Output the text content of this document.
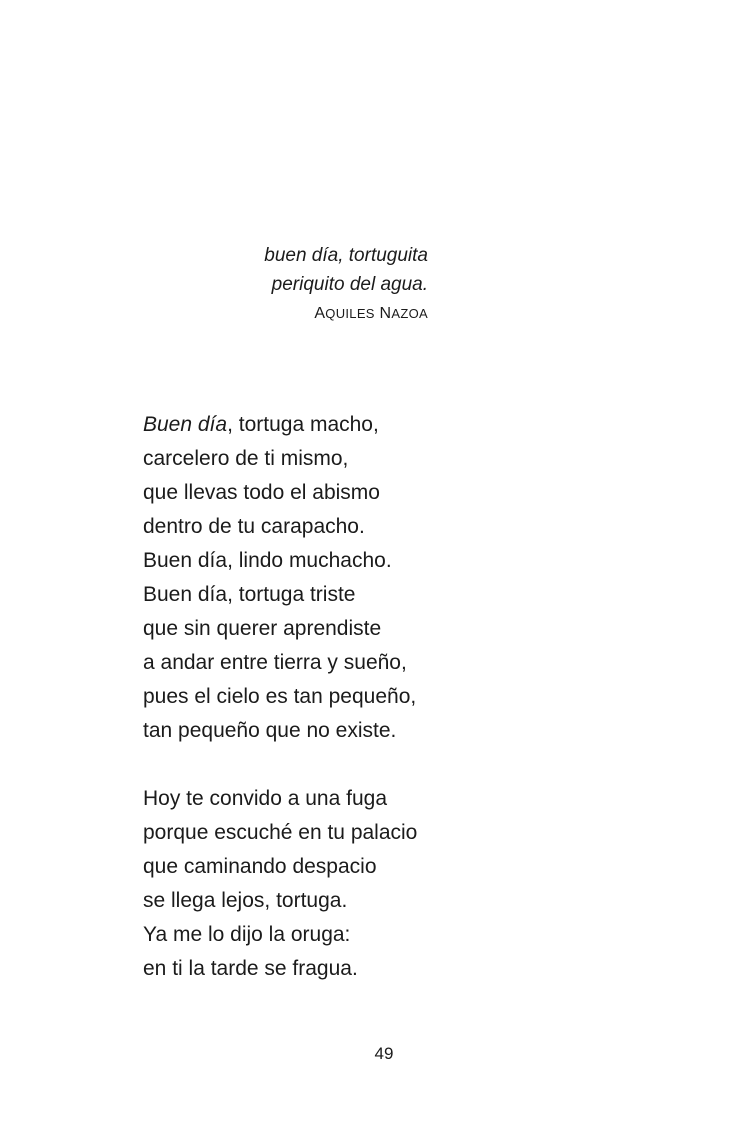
buen día, tortuguita
periquito del agua.
AQUILES NAZOA
Buen día, tortuga macho,
carcelero de ti mismo,
que llevas todo el abismo
dentro de tu carapacho.
Buen día, lindo muchacho.
Buen día, tortuga triste
que sin querer aprendiste
a andar entre tierra y sueño,
pues el cielo es tan pequeño,
tan pequeño que no existe.
Hoy te convido a una fuga
porque escuché en tu palacio
que caminando despacio
se llega lejos, tortuga.
Ya me lo dijo la oruga:
en ti la tarde se fragua.
49
